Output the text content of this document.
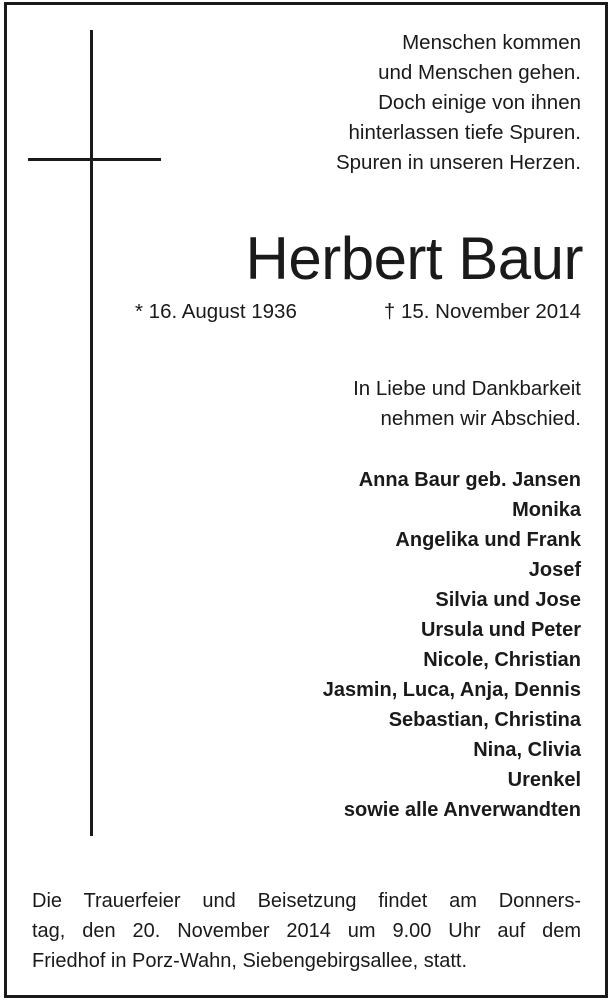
Menschen kommen
und Menschen gehen.
Doch einige von ihnen
hinterlassen tiefe Spuren.
Spuren in unseren Herzen.
Herbert Baur
* 16. August 1936	† 15. November 2014
In Liebe und Dankbarkeit
nehmen wir Abschied.
Anna Baur geb. Jansen
Monika
Angelika und Frank
Josef
Silvia und Jose
Ursula und Peter
Nicole, Christian
Jasmin, Luca, Anja, Dennis
Sebastian, Christina
Nina, Clivia
Urenkel
sowie alle Anverwandten
Die Trauerfeier und Beisetzung findet am Donners-
tag, den 20. November 2014 um 9.00 Uhr auf dem
Friedhof in Porz-Wahn, Siebengebirgsallee, statt.
